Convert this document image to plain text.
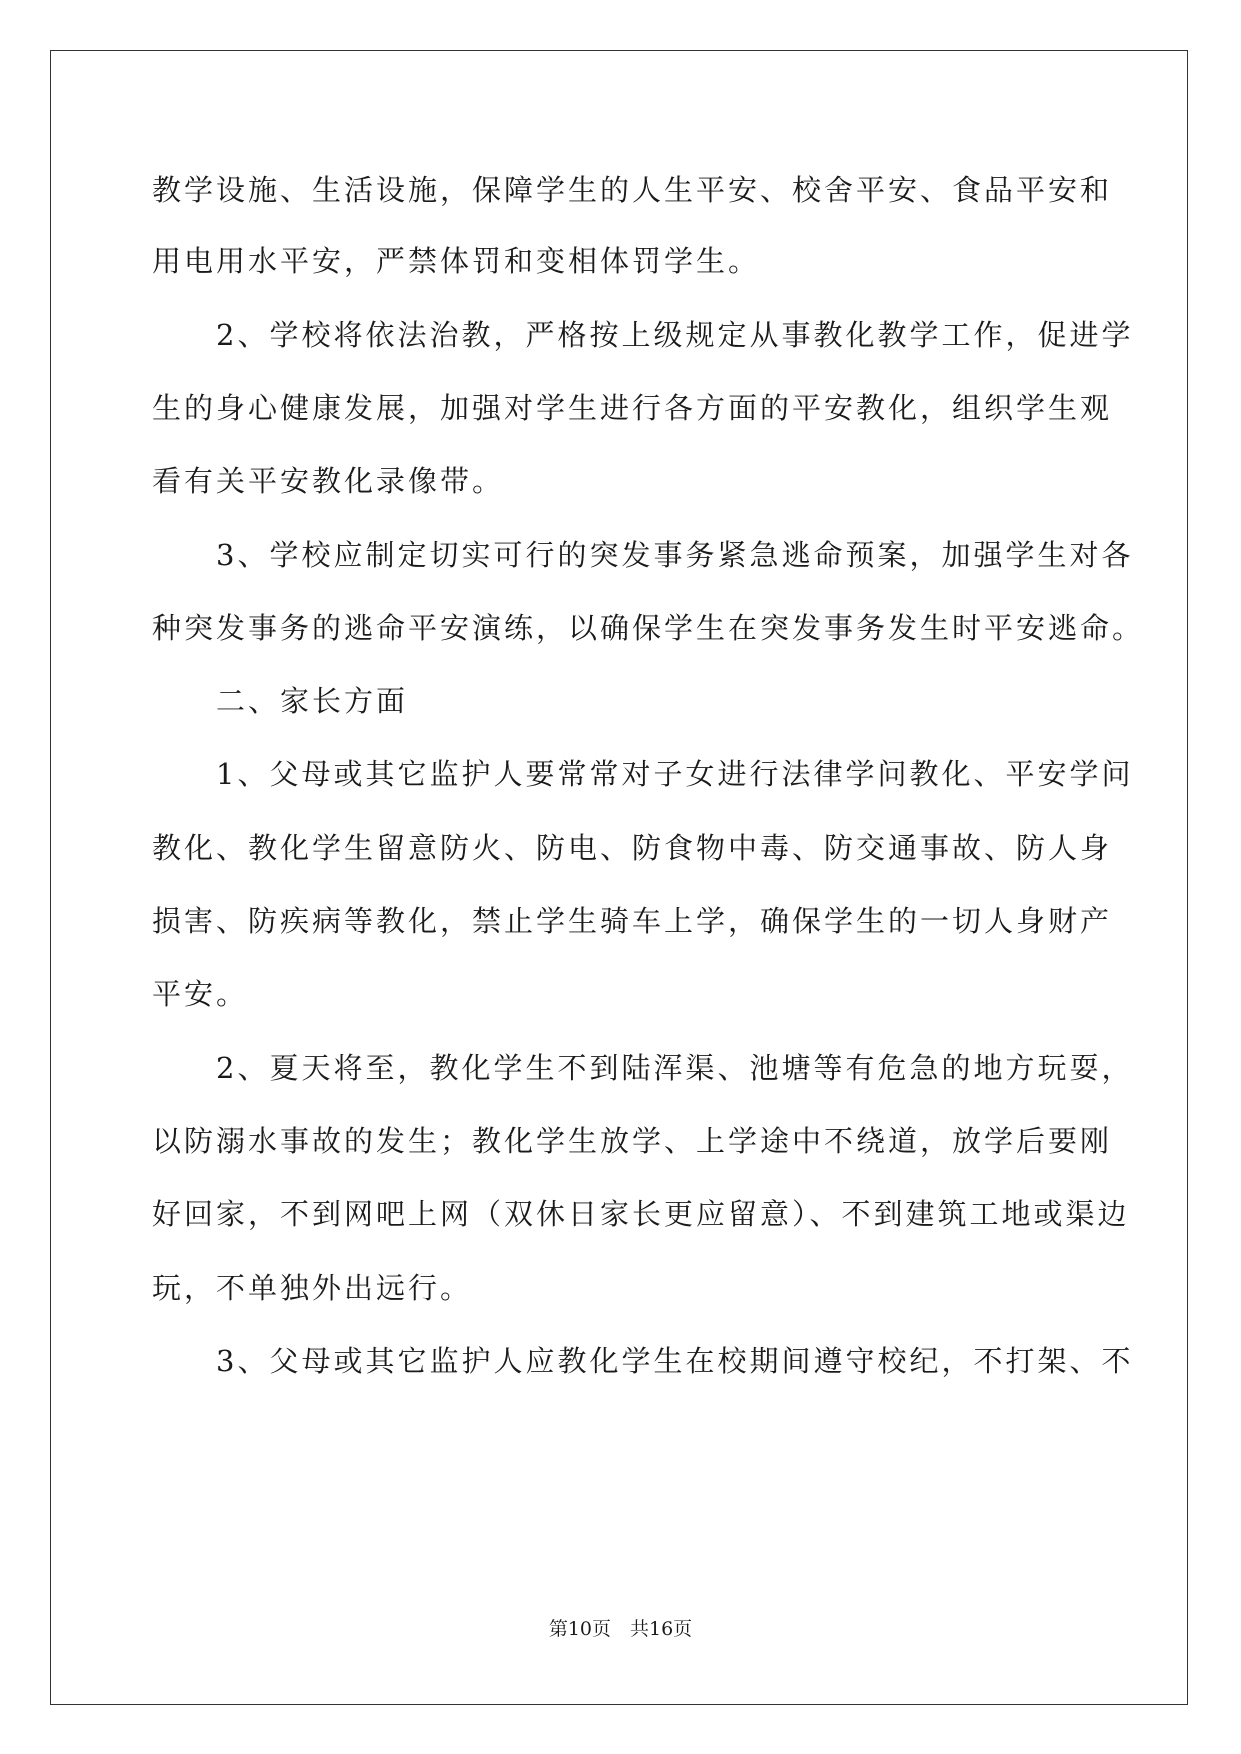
教学设施、生活设施，保障学生的人生平安、校舍平安、食品平安和
用电用水平安，严禁体罚和变相体罚学生。
　　2、学校将依法治教，严格按上级规定从事教化教学工作，促进学
生的身心健康发展，加强对学生进行各方面的平安教化，组织学生观
看有关平安教化录像带。
　　3、学校应制定切实可行的突发事务紧急逃命预案，加强学生对各
种突发事务的逃命平安演练，以确保学生在突发事务发生时平安逃命。
　　二、家长方面
　　1、父母或其它监护人要常常对子女进行法律学问教化、平安学问
教化、教化学生留意防火、防电、防食物中毒、防交通事故、防人身
损害、防疾病等教化，禁止学生骑车上学，确保学生的一切人身财产
平安。
　　2、夏天将至，教化学生不到陆浑渠、池塘等有危急的地方玩耍，
以防溺水事故的发生；教化学生放学、上学途中不绕道，放学后要刚
好回家，不到网吧上网（双休日家长更应留意）、不到建筑工地或渠边
玩，不单独外出远行。
　　3、父母或其它监护人应教化学生在校期间遵守校纪，不打架、不
第10页　共16页
